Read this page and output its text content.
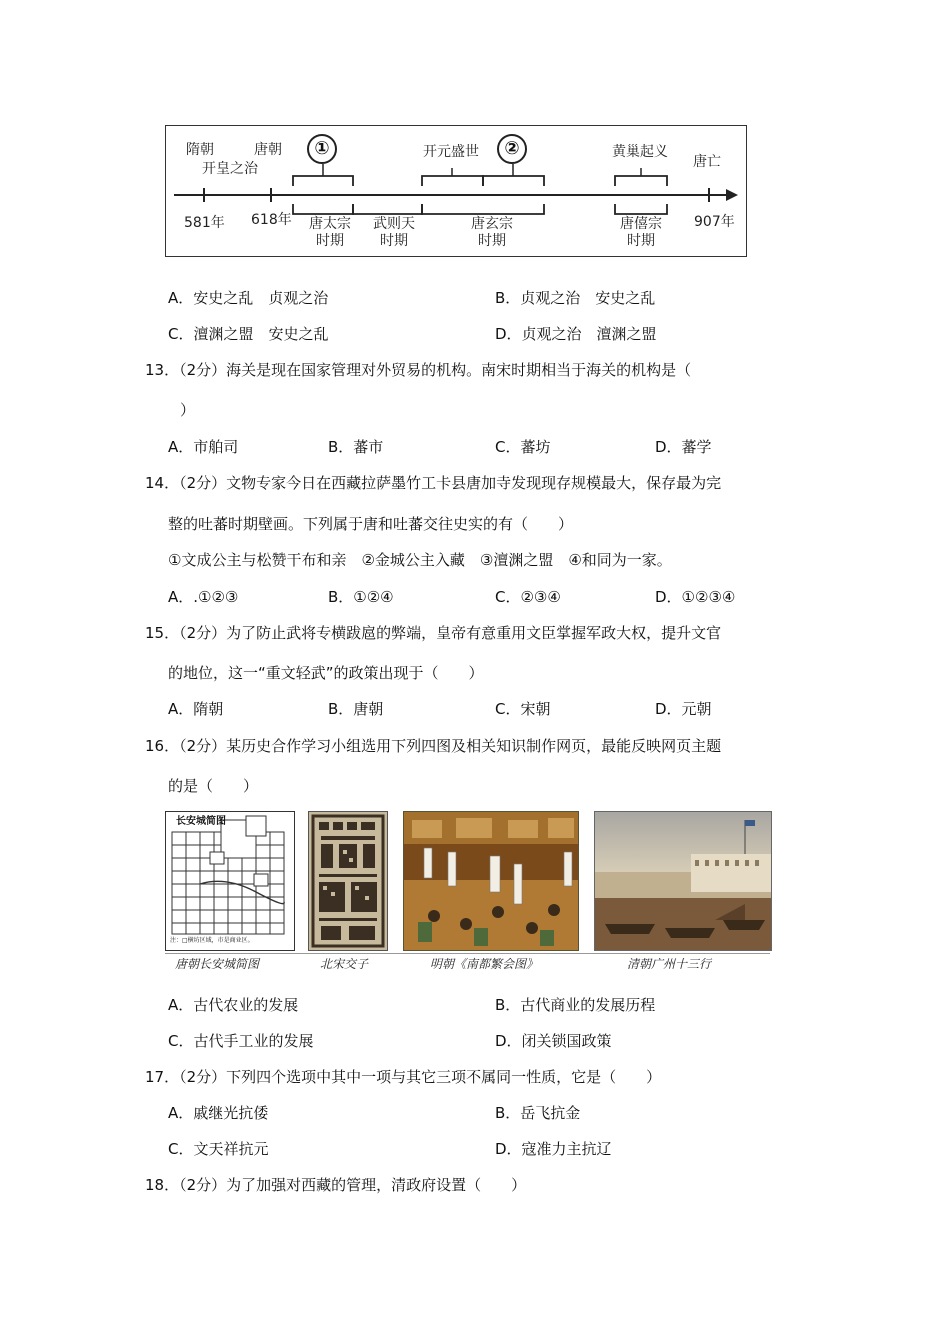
隋朝
开皇之治
唐朝	①	开元盛世	②	黄巢起义
唐亡
581年 618年 唐太宗
时期
武则天
时期
唐玄宗
时期
唐僖宗
时期
907年
A．安史之乱　贞观之治	B．贞观之治　安史之乱
C．澶渊之盟　安史之乱	D．贞观之治　澶渊之盟
13．（2分）海关是现在国家管理对外贸易的机构。南宋时期相当于海关的机构是（
）
A．市舶司	B．蕃市	C．蕃坊	D．蕃学
14．（2分）文物专家今日在西藏拉萨墨竹工卡县唐加寺发现现存规模最大，保存最为完
整的吐蕃时期壁画。下列属于唐和吐蕃交往史实的有（　　）
①文成公主与松赞干布和亲　②金城公主入藏　③澶渊之盟　④和同为一家。
A．.①②③	B．①②④	C．②③④	D．①②③④
15．（2分）为了防止武将专横跋扈的弊端，皇帝有意重用文臣掌握军政大权，提升文官
的地位，这一“重文轻武”的政策出现于（　　）
A．隋朝	B．唐朝	C．宋朝	D．元朝
16．（2分）某历史合作学习小组选用下列四图及相关知识制作网页，最能反映网页主题
的是（　　）
长安城简图
注：□横坊区域，市是商业区。
唐朝长安城简图	北宋交子	明朝《南都繁会图》	清朝广州十三行
A．古代农业的发展	B．古代商业的发展历程
C．古代手工业的发展	D．闭关锁国政策
17．（2分）下列四个选项中其中一项与其它三项不属同一性质，它是（　　）
A．戚继光抗倭	B．岳飞抗金
C．文天祥抗元	D．寇准力主抗辽
18．（2分）为了加强对西藏的管理，清政府设置（　　）
